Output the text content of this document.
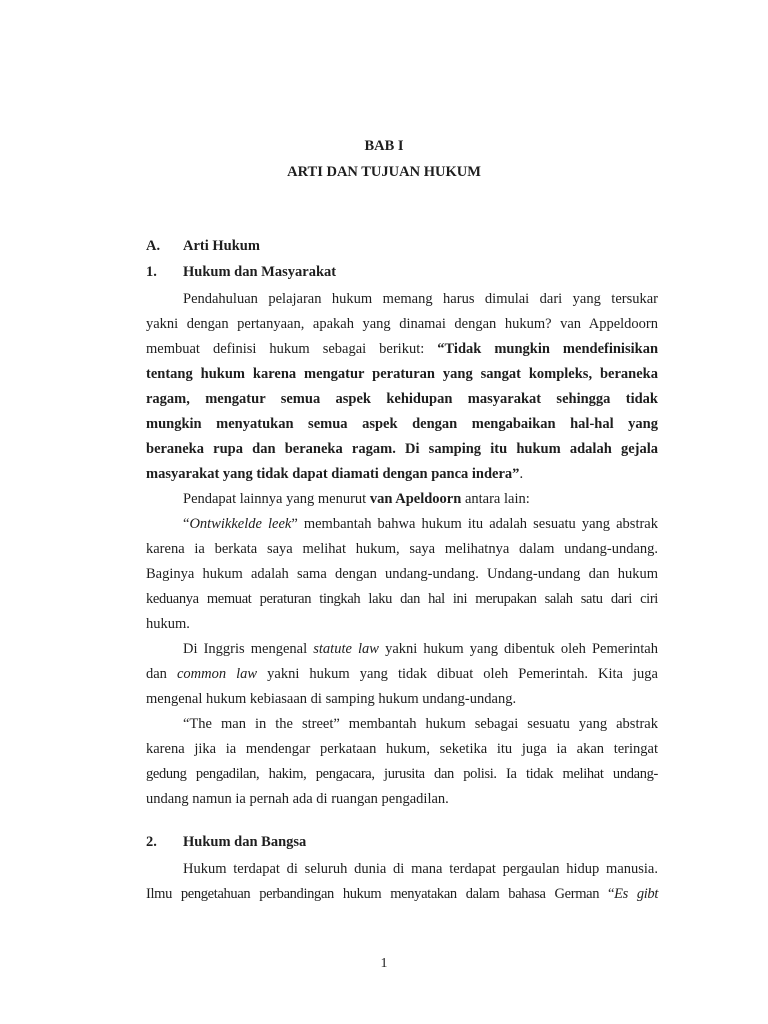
BAB I
ARTI DAN TUJUAN HUKUM
A. Arti Hukum
1. Hukum dan Masyarakat
Pendahuluan pelajaran hukum memang harus dimulai dari yang tersukar
yakni dengan pertanyaan, apakah yang dinamai dengan hukum? van Appeldoorn
membuat definisi hukum sebagai berikut: “Tidak mungkin mendefinisikan
tentang hukum karena mengatur peraturan yang sangat kompleks, beraneka
ragam, mengatur semua aspek kehidupan masyarakat sehingga tidak
mungkin menyatukan semua aspek dengan mengabaikan hal-hal yang
beraneka rupa dan beraneka ragam. Di samping itu hukum adalah gejala
masyarakat yang tidak dapat diamati dengan panca indera”.
Pendapat lainnya yang menurut van Apeldoorn antara lain:
“Ontwikkelde leek” membantah bahwa hukum itu adalah sesuatu yang abstrak
karena ia berkata saya melihat hukum, saya melihatnya dalam undang-undang.
Baginya hukum adalah sama dengan undang-undang. Undang-undang dan hukum
keduanya memuat peraturan tingkah laku dan hal ini merupakan salah satu dari ciri
hukum.
Di Inggris mengenal statute law yakni hukum yang dibentuk oleh Pemerintah
dan common law yakni hukum yang tidak dibuat oleh Pemerintah. Kita juga
mengenal hukum kebiasaan di samping hukum undang-undang.
“The man in the street” membantah hukum sebagai sesuatu yang abstrak
karena jika ia mendengar perkataan hukum, seketika itu juga ia akan teringat
gedung pengadilan, hakim, pengacara, jurusita dan polisi. Ia tidak melihat undang-
undang namun ia pernah ada di ruangan pengadilan.
2. Hukum dan Bangsa
Hukum terdapat di seluruh dunia di mana terdapat pergaulan hidup manusia.
Ilmu pengetahuan perbandingan hukum menyatakan dalam bahasa German “Es gibt
1
